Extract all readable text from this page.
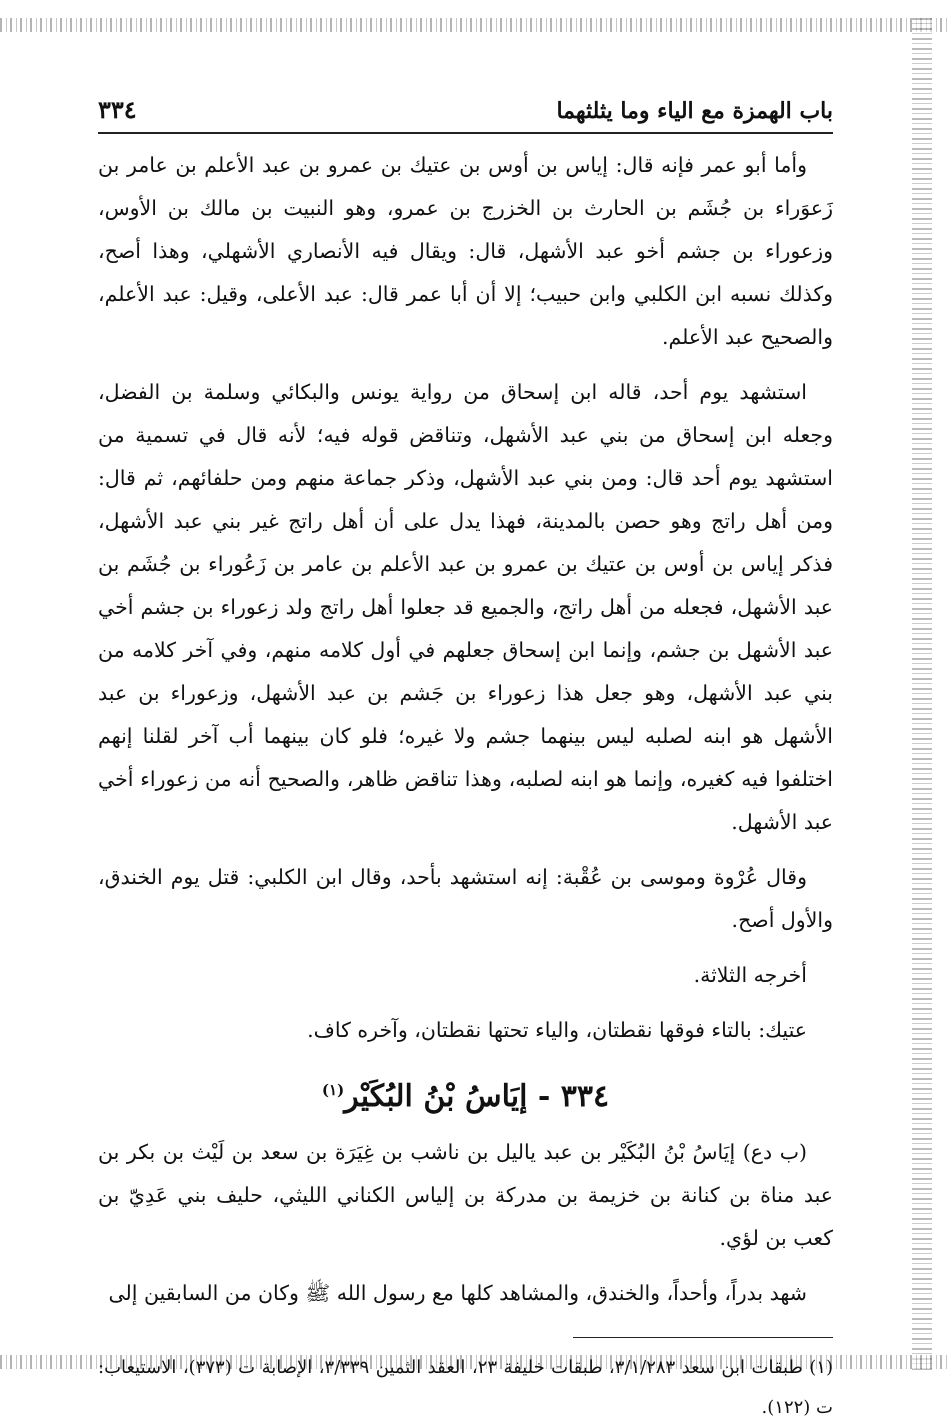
باب الهمزة مع الياء وما يثلثهما
٣٣٤

وأما أبو عمر فإنه قال: إياس بن أوس بن عتيك بن عمرو بن عبد الأعلم بن عامر بن زَعوَراء بن جُشَم بن الحارث بن الخزرج بن عمرو، وهو النبيت بن مالك بن الأوس، وزعوراء بن جشم أخو عبد الأشهل، قال: ويقال فيه الأنصاري الأشهلي، وهذا أصح، وكذلك نسبه ابن الكلبي وابن حبيب؛ إلا أن أبا عمر قال: عبد الأعلى، وقيل: عبد الأعلم، والصحيح عبد الأعلم.

استشهد يوم أحد، قاله ابن إسحاق من رواية يونس والبكائي وسلمة بن الفضل، وجعله ابن إسحاق من بني عبد الأشهل، وتناقض قوله فيه؛ لأنه قال في تسمية من استشهد يوم أحد قال: ومن بني عبد الأشهل، وذكر جماعة منهم ومن حلفائهم، ثم قال: ومن أهل راتج وهو حصن بالمدينة، فهذا يدل على أن أهل راتج غير بني عبد الأشهل، فذكر إياس بن أوس بن عتيك بن عمرو بن عبد الأعلم بن عامر بن زَعُوراء بن جُشَم بن عبد الأشهل، فجعله من أهل راتج، والجميع قد جعلوا أهل راتج ولد زعوراء بن جشم أخي عبد الأشهل بن جشم، وإنما ابن إسحاق جعلهم في أول كلامه منهم، وفي آخر كلامه من بني عبد الأشهل، وهو جعل هذا زعوراء بن جَشم بن عبد الأشهل، وزعوراء بن عبد الأشهل هو ابنه لصلبه ليس بينهما جشم ولا غيره؛ فلو كان بينهما أب آخر لقلنا إنهم اختلفوا فيه كغيره، وإنما هو ابنه لصلبه، وهذا تناقض ظاهر، والصحيح أنه من زعوراء أخي عبد الأشهل.

وقال عُرْوة وموسى بن عُقْبة: إنه استشهد بأحد، وقال ابن الكلبي: قتل يوم الخندق، والأول أصح.

أخرجه الثلاثة.

عتيك: بالتاء فوقها نقطتان، والياء تحتها نقطتان، وآخره كاف.

٣٣٤ - إيَاسُ بْنُ البُكَيْر$^{(١)}$

(ب دع) إيَاسُ بْنُ البُكَيْر بن عبد ياليل بن ناشب بن غِيَرَة بن سعد بن لَيْث بن بكر بن عبد مناة بن كنانة بن خزيمة بن مدركة بن إلياس الكناني الليثي، حليف بني عَدِيّ بن كعب بن لؤي.

شهد بدراً، وأحداً، والخندق، والمشاهد كلها مع رسول الله ﷺ وكان من السابقين إلى

(١) طبقات ابن سعد ٣/١/٢٨٣، طبقات خليفة ٢٣، العقد الثمين ٣/٣٣٩، الإصابة ت (٣٧٣)، الاستيعاب: ت (١٢٢).
